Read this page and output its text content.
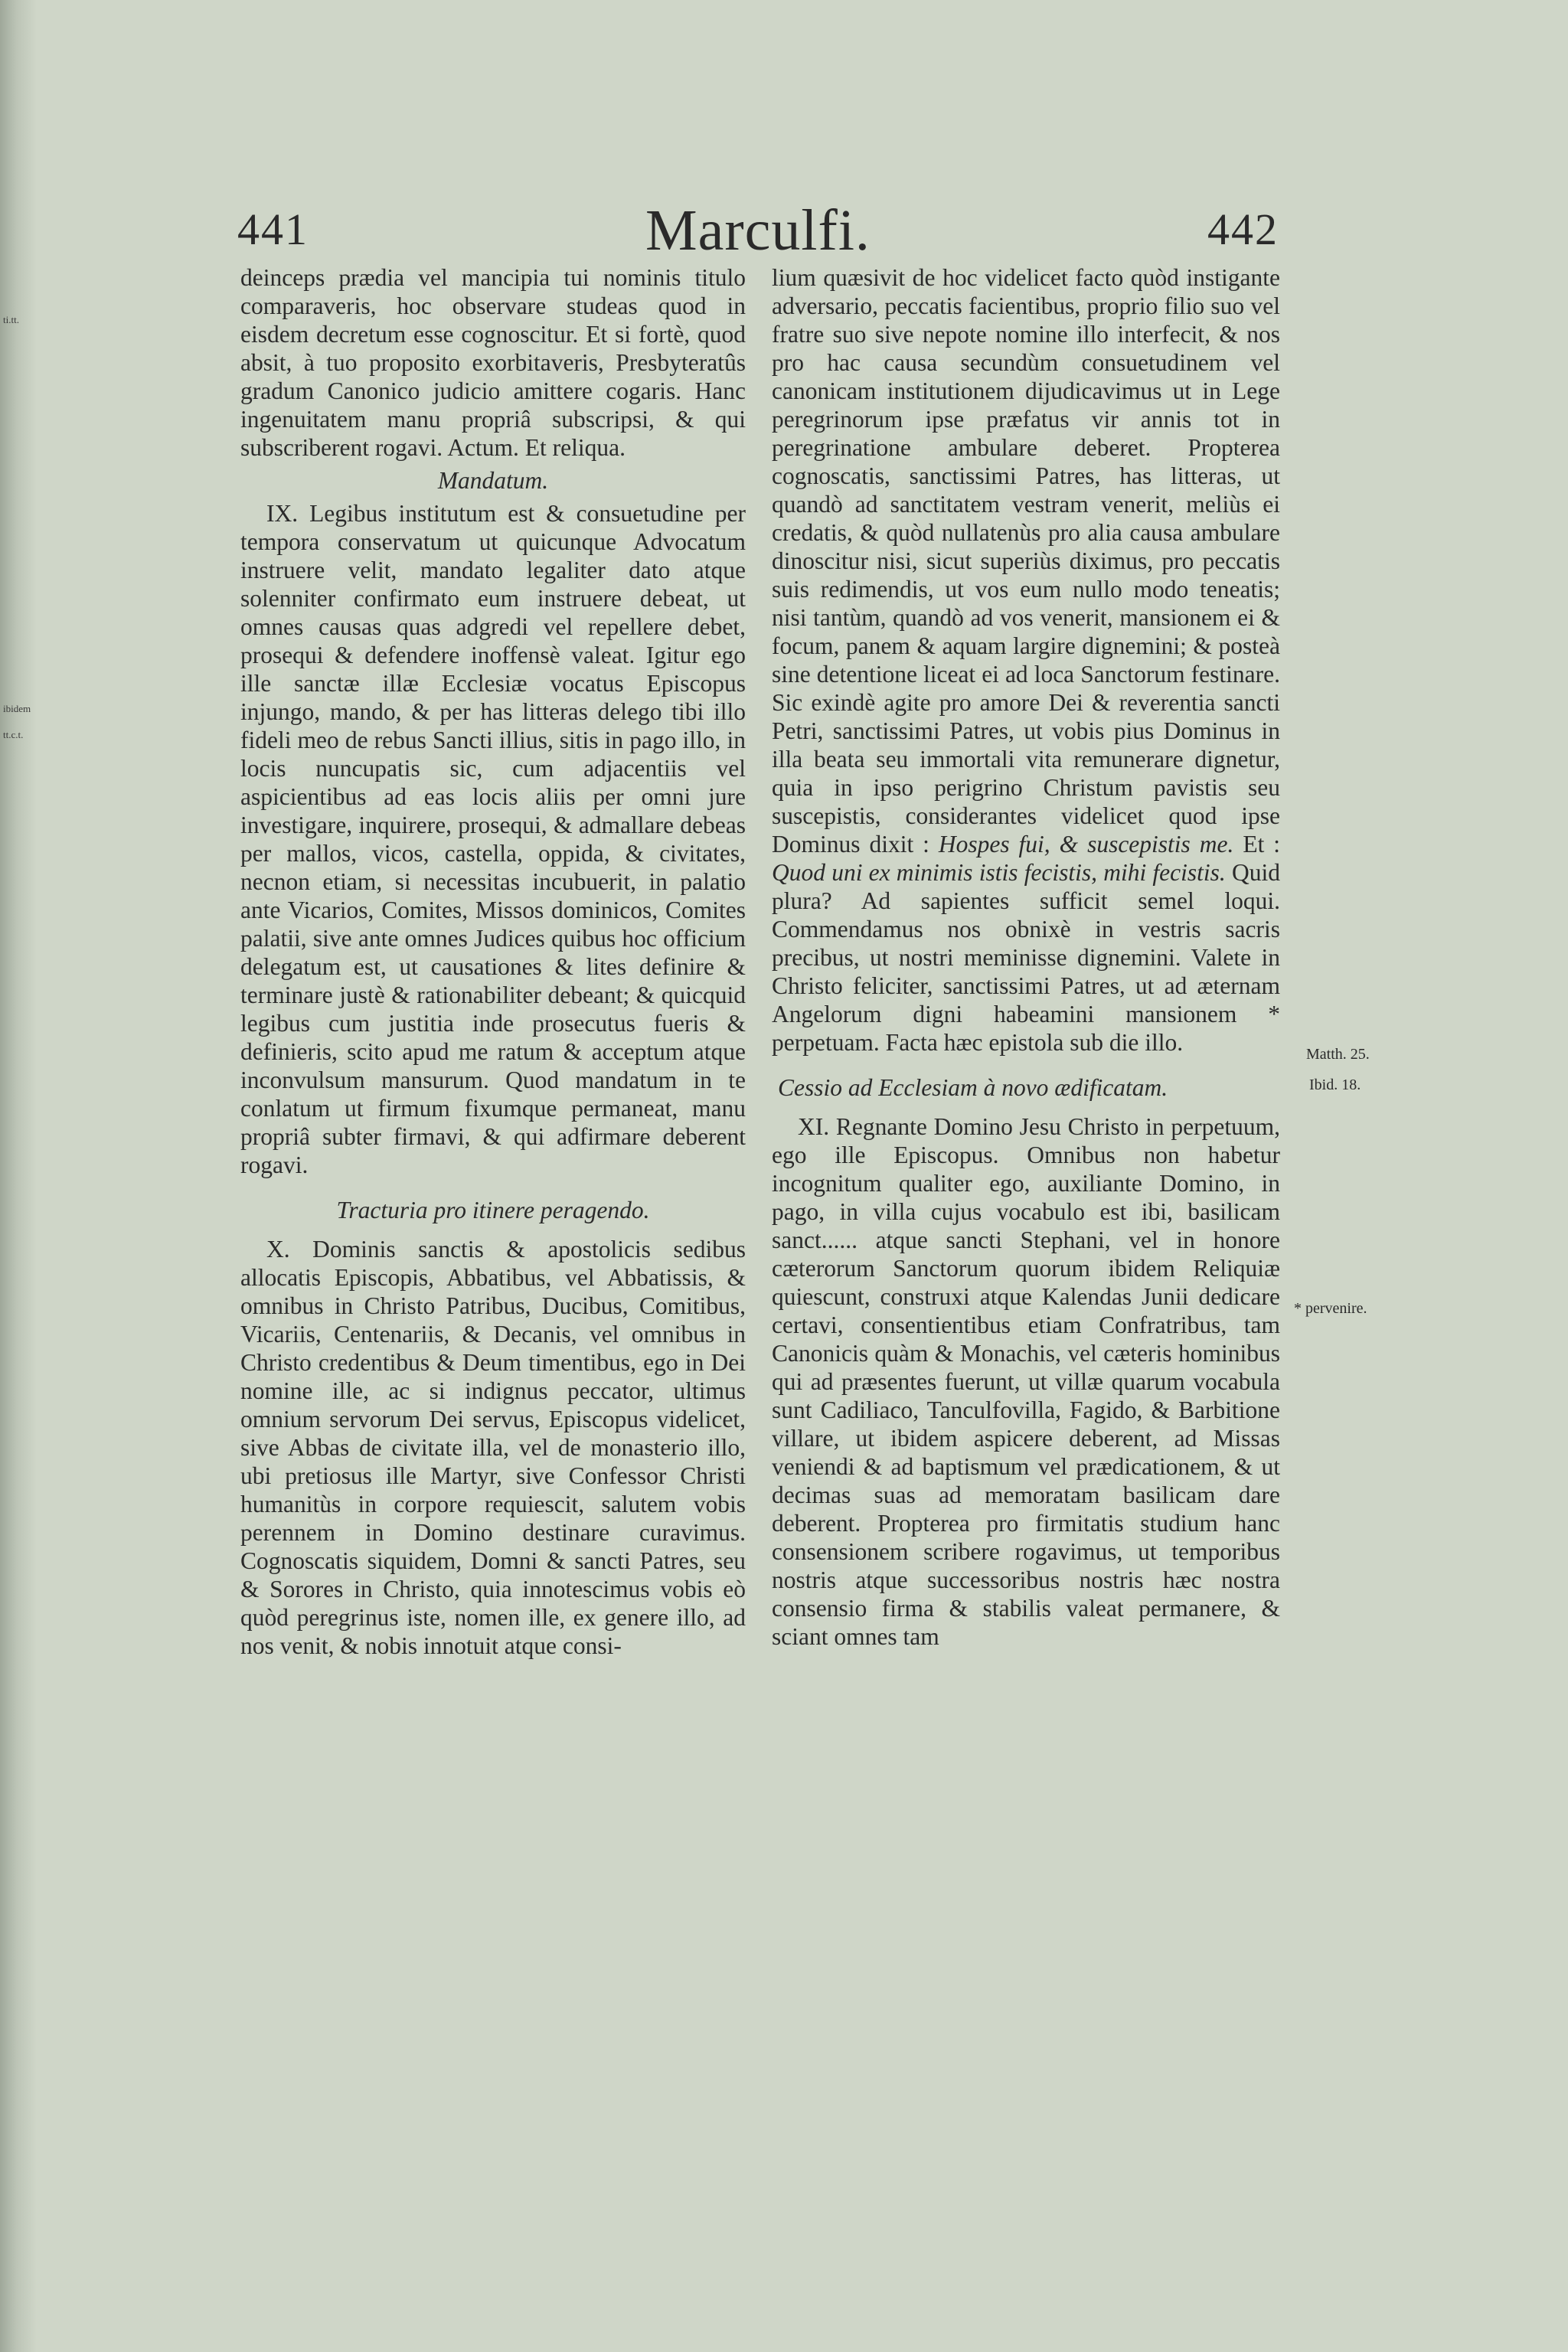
ti.tt.
ibidem
tt.c.t.
441	Marculfi.	442

deinceps prædia vel mancipia tui nominis titulo comparaveris, hoc observare studeas quod in eisdem decretum esse cognoscitur. Et si fortè, quod absit, à tuo proposito exorbitaveris, Presbyteratûs gradum Canonico judicio amittere cogaris. Hanc ingenuitatem manu propriâ subscripsi, & qui subscriberent rogavi. Actum. Et reliqua.

Mandatum.

IX. Legibus institutum est & consuetudine per tempora conservatum ut quicunque Advocatum instruere velit, mandato legaliter dato atque solenniter confirmato eum instruere debeat, ut omnes causas quas adgredi vel repellere debet, prosequi & defendere inoffensè valeat. Igitur ego ille sanctæ illæ Ecclesiæ vocatus Episcopus injungo, mando, & per has litteras delego tibi illo fideli meo de rebus Sancti illius, sitis in pago illo, in locis nuncupatis sic, cum adjacentiis vel aspicientibus ad eas locis aliis per omni jure investigare, inquirere, prosequi, & admallare debeas per mallos, vicos, castella, oppida, & civitates, necnon etiam, si necessitas incubuerit, in palatio ante Vicarios, Comites, Missos dominicos, Comites palatii, sive ante omnes Judices quibus hoc officium delegatum est, ut causationes & lites definire & terminare justè & rationabiliter debeant; & quicquid legibus cum justitia inde prosecutus fueris & definieris, scito apud me ratum & acceptum atque inconvulsum mansurum. Quod mandatum in te conlatum ut firmum fixumque permaneat, manu propriâ subter firmavi, & qui adfirmare deberent rogavi.

Tracturia pro itinere peragendo.

X. Dominis sanctis & apostolicis sedibus allocatis Episcopis, Abbatibus, vel Abbatissis, & omnibus in Christo Patribus, Ducibus, Comitibus, Vicariis, Centenariis, & Decanis, vel omnibus in Christo credentibus & Deum timentibus, ego in Dei nomine ille, ac si indignus peccator, ultimus omnium servorum Dei servus, Episcopus videlicet, sive Abbas de civitate illa, vel de monasterio illo, ubi pretiosus ille Martyr, sive Confessor Christi humanitùs in corpore requiescit, salutem vobis perennem in Domino destinare curavimus. Cognoscatis siquidem, Domni & sancti Patres, seu & Sorores in Christo, quia innotescimus vobis eò quòd peregrinus iste, nomen ille, ex genere illo, ad nos venit, & nobis innotuit atque consi-

lium quæsivit de hoc videlicet facto quòd instigante adversario, peccatis facientibus, proprio filio suo vel fratre suo sive nepote nomine illo interfecit, & nos pro hac causa secundùm consuetudinem vel canonicam institutionem dijudicavimus ut in Lege peregrinorum ipse præfatus vir annis tot in peregrinatione ambulare deberet. Propterea cognoscatis, sanctissimi Patres, has litteras, ut quandò ad sanctitatem vestram venerit, meliùs ei credatis, & quòd nullatenùs pro alia causa ambulare dinoscitur nisi, sicut superiùs diximus, pro peccatis suis redimendis, ut vos eum nullo modo teneatis; nisi tantùm, quandò ad vos venerit, mansionem ei & focum, panem & aquam largire dignemini; & posteà sine detentione liceat ei ad loca Sanctorum festinare. Sic exindè agite pro amore Dei & reverentia sancti Petri, sanctissimi Patres, ut vobis pius Dominus in illa beata seu immortali vita remunerare dignetur, quia in ipso perigrino Christum pavistis seu suscepistis, considerantes videlicet quod ipse Dominus dixit : Hospes fui, & suscepistis me. Et : Quod uni ex minimis istis fecistis, mihi fecistis. Quid plura? Ad sapientes sufficit semel loqui. Commendamus nos obnixè in vestris sacris precibus, ut nostri meminisse dignemini. Valete in Christo feliciter, sanctissimi Patres, ut ad æternam Angelorum digni habeamini mansionem * perpetuam. Facta hæc epistola sub die illo.

Cessio ad Ecclesiam à novo ædificatam.

XI. Regnante Domino Jesu Christo in perpetuum, ego ille Episcopus. Omnibus non habetur incognitum qualiter ego, auxiliante Domino, in pago, in villa cujus vocabulo est ibi, basilicam sanct...... atque sancti Stephani, vel in honore cæterorum Sanctorum quorum ibidem Reliquiæ quiescunt, construxi atque Kalendas Junii dedicare certavi, consentientibus etiam Confratribus, tam Canonicis quàm & Monachis, vel cæteris hominibus qui ad præsentes fuerunt, ut villæ quarum vocabula sunt Cadiliaco, Tanculfovilla, Fagido, & Barbitione villare, ut ibidem aspicere deberent, ad Missas veniendi & ad baptismum vel prædicationem, & ut decimas suas ad memoratam basilicam dare deberent. Propterea pro firmitatis studium hanc consensionem scribere rogavimus, ut temporibus nostris atque successoribus nostris hæc nostra consensio firma & stabilis valeat permanere, & sciant omnes tam

Matth. 25.
Ibid. 18.
* pervenire.
